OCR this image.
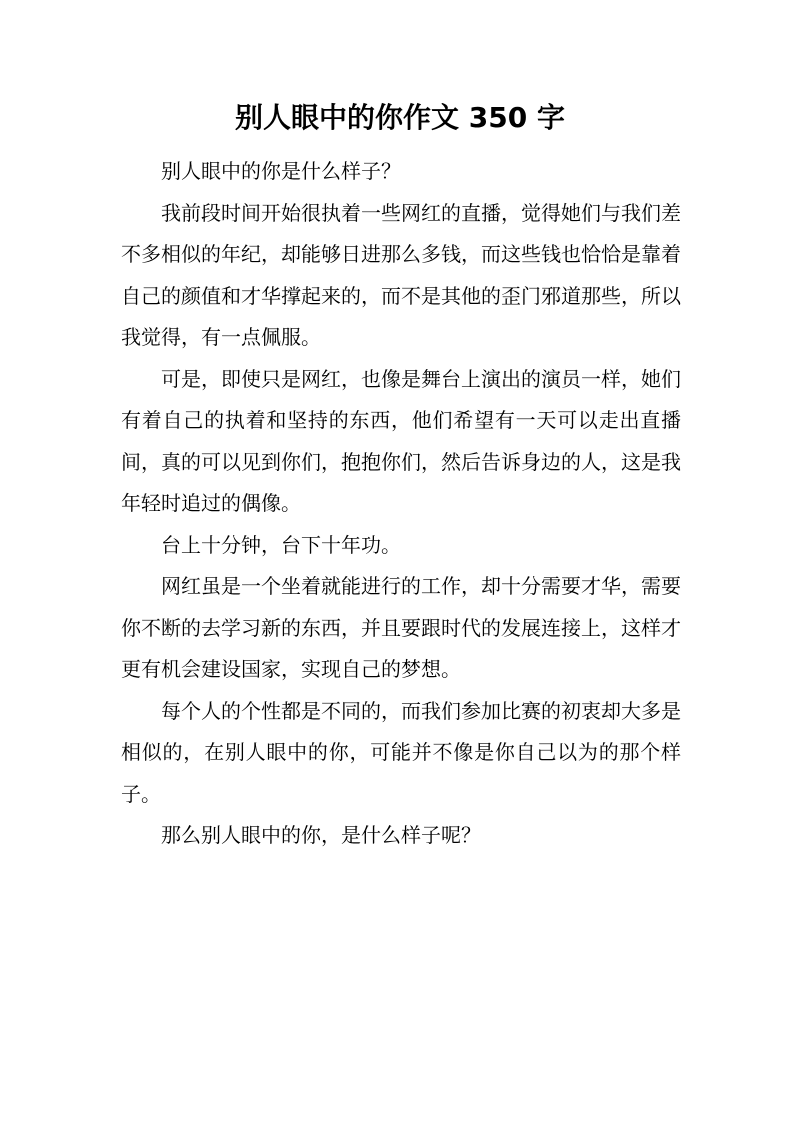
别人眼中的你作文 350 字

别人眼中的你是什么样子？

我前段时间开始很执着一些网红的直播，觉得她们与我们差不多相似的年纪，却能够日进那么多钱，而这些钱也恰恰是靠着自己的颜值和才华撑起来的，而不是其他的歪门邪道那些，所以我觉得，有一点佩服。

可是，即使只是网红，也像是舞台上演出的演员一样，她们有着自己的执着和坚持的东西，他们希望有一天可以走出直播间，真的可以见到你们，抱抱你们，然后告诉身边的人，这是我年轻时追过的偶像。

台上十分钟，台下十年功。

网红虽是一个坐着就能进行的工作，却十分需要才华，需要你不断的去学习新的东西，并且要跟时代的发展连接上，这样才更有机会建设国家，实现自己的梦想。

每个人的个性都是不同的，而我们参加比赛的初衷却大多是相似的，在别人眼中的你，可能并不像是你自己以为的那个样子。

那么别人眼中的你，是什么样子呢？
